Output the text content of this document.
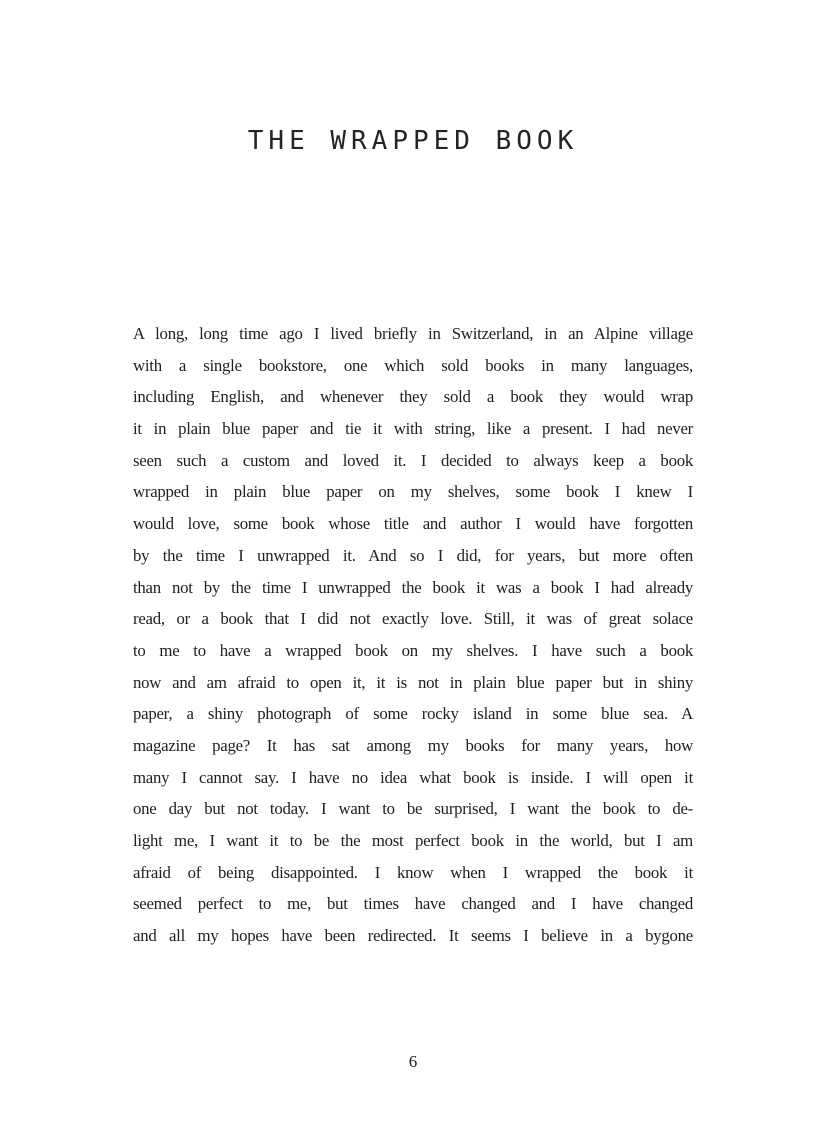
THE WRAPPED BOOK
A long, long time ago I lived briefly in Switzerland, in an Alpine village
with a single bookstore, one which sold books in many languages,
including English, and whenever they sold a book they would wrap
it in plain blue paper and tie it with string, like a present. I had never
seen such a custom and loved it. I decided to always keep a book
wrapped in plain blue paper on my shelves, some book I knew I
would love, some book whose title and author I would have forgotten
by the time I unwrapped it. And so I did, for years, but more often
than not by the time I unwrapped the book it was a book I had already
read, or a book that I did not exactly love. Still, it was of great solace
to me to have a wrapped book on my shelves. I have such a book
now and am afraid to open it, it is not in plain blue paper but in shiny
paper, a shiny photograph of some rocky island in some blue sea. A
magazine page? It has sat among my books for many years, how
many I cannot say. I have no idea what book is inside. I will open it
one day but not today. I want to be surprised, I want the book to de-
light me, I want it to be the most perfect book in the world, but I am
afraid of being disappointed. I know when I wrapped the book it
seemed perfect to me, but times have changed and I have changed
and all my hopes have been redirected. It seems I believe in a bygone
6
